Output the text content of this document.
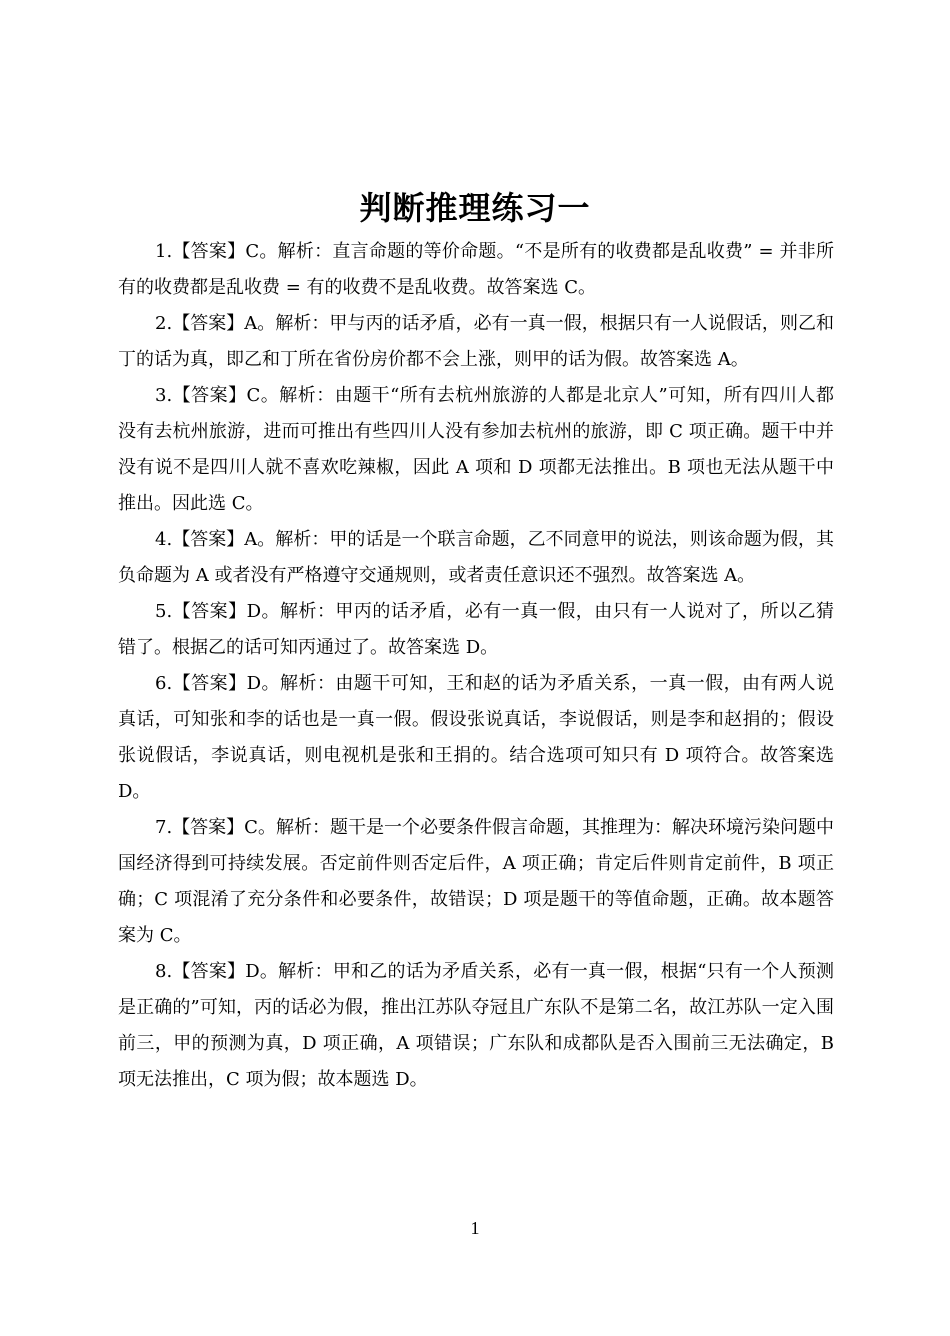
判断推理练习一

1.【答案】C。解析：直言命题的等价命题。“不是所有的收费都是乱收费” = 并非所有的收费都是乱收费 = 有的收费不是乱收费。故答案选 C。

2.【答案】A。解析：甲与丙的话矛盾，必有一真一假，根据只有一人说假话，则乙和丁的话为真，即乙和丁所在省份房价都不会上涨，则甲的话为假。故答案选 A。

3.【答案】C。解析：由题干“所有去杭州旅游的人都是北京人”可知，所有四川人都没有去杭州旅游，进而可推出有些四川人没有参加去杭州的旅游，即 C 项正确。题干中并没有说不是四川人就不喜欢吃辣椒，因此 A 项和 D 项都无法推出。B 项也无法从题干中推出。因此选 C。

4.【答案】A。解析：甲的话是一个联言命题，乙不同意甲的说法，则该命题为假，其负命题为 A 或者没有严格遵守交通规则，或者责任意识还不强烈。故答案选 A。

5.【答案】D。解析：甲丙的话矛盾，必有一真一假，由只有一人说对了，所以乙猜错了。根据乙的话可知丙通过了。故答案选 D。

6.【答案】D。解析：由题干可知，王和赵的话为矛盾关系，一真一假，由有两人说真话，可知张和李的话也是一真一假。假设张说真话，李说假话，则是李和赵捐的；假设张说假话，李说真话，则电视机是张和王捐的。结合选项可知只有 D 项符合。故答案选 D。

7.【答案】C。解析：题干是一个必要条件假言命题，其推理为：解决环境污染问题中国经济得到可持续发展。否定前件则否定后件，A 项正确；肯定后件则肯定前件，B 项正确；C 项混淆了充分条件和必要条件，故错误；D 项是题干的等值命题，正确。故本题答案为 C。

8.【答案】D。解析：甲和乙的话为矛盾关系，必有一真一假，根据“只有一个人预测是正确的”可知，丙的话必为假，推出江苏队夺冠且广东队不是第二名，故江苏队一定入围前三，甲的预测为真，D 项正确，A 项错误；广东队和成都队是否入围前三无法确定，B 项无法推出，C 项为假；故本题选 D。

1
